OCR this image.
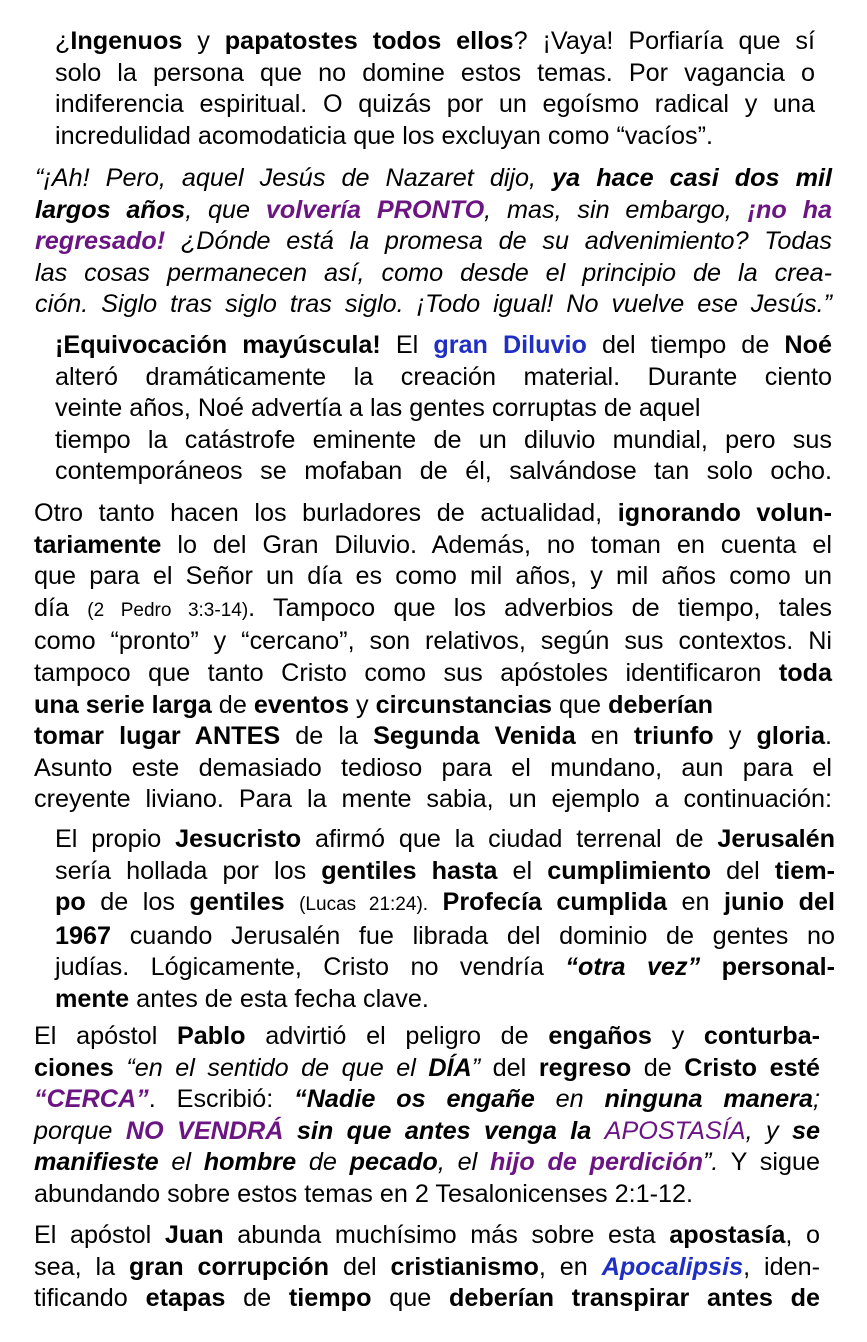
¿Ingenuos y papatostes todos ellos? ¡Vaya! Porfiaría que sí
solo la persona que no domine estos temas. Por vagancia o
indiferencia espiritual. O quizás por un egoísmo radical y una
incredulidad acomodaticia que los excluyan como “vacíos”.
“¡Ah! Pero, aquel Jesús de Nazaret dijo, ya hace casi dos mil
largos años, que volvería PRONTO, mas, sin embargo, ¡no ha
regresado! ¿Dónde está la promesa de su advenimiento? Todas
las cosas permanecen así, como desde el principio de la crea-
ción. Siglo tras siglo tras siglo. ¡Todo igual! No vuelve ese Jesús.”
¡Equivocación mayúscula! El gran Diluvio del tiempo de Noé
alteró dramáticamente la creación material. Durante ciento
veinte años, Noé advertía a las gentes corruptas de aquel
tiempo la catástrofe eminente de un diluvio mundial, pero sus
contemporáneos se mofaban de él, salvándose tan solo ocho.
Otro tanto hacen los burladores de actualidad, ignorando volun-
tariamente lo del Gran Diluvio. Además, no toman en cuenta el
que para el Señor un día es como mil años, y mil años como un
día (2 Pedro 3:3-14). Tampoco que los adverbios de tiempo, tales
como “pronto” y “cercano”, son relativos, según sus contextos. Ni
tampoco que tanto Cristo como sus apóstoles identificaron toda
una serie larga de eventos y circunstancias que deberían
tomar lugar ANTES de la Segunda Venida en triunfo y gloria.
Asunto este demasiado tedioso para el mundano, aun para el
creyente liviano. Para la mente sabia, un ejemplo a continuación:
El propio Jesucristo afirmó que la ciudad terrenal de Jerusalén
sería hollada por los gentiles hasta el cumplimiento del tiem-
po de los gentiles (Lucas 21:24). Profecía cumplida en junio del
1967 cuando Jerusalén fue librada del dominio de gentes no
judías. Lógicamente, Cristo no vendría “otra vez” personal-
mente antes de esta fecha clave.
El apóstol Pablo advirtió el peligro de engaños y conturba-
ciones “en el sentido de que el DÍA” del regreso de Cristo esté
“CERCA”. Escribió: “Nadie os engañe en ninguna manera;
porque NO VENDRÁ sin que antes venga la APOSTASÍA, y se
manifieste el hombre de pecado, el hijo de perdición”. Y sigue
abundando sobre estos temas en 2 Tesalonicenses 2:1-12.
El apóstol Juan abunda muchísimo más sobre esta apostasía, o
sea, la gran corrupción del cristianismo, en Apocalipsis, iden-
tificando etapas de tiempo que deberían transpirar antes de
